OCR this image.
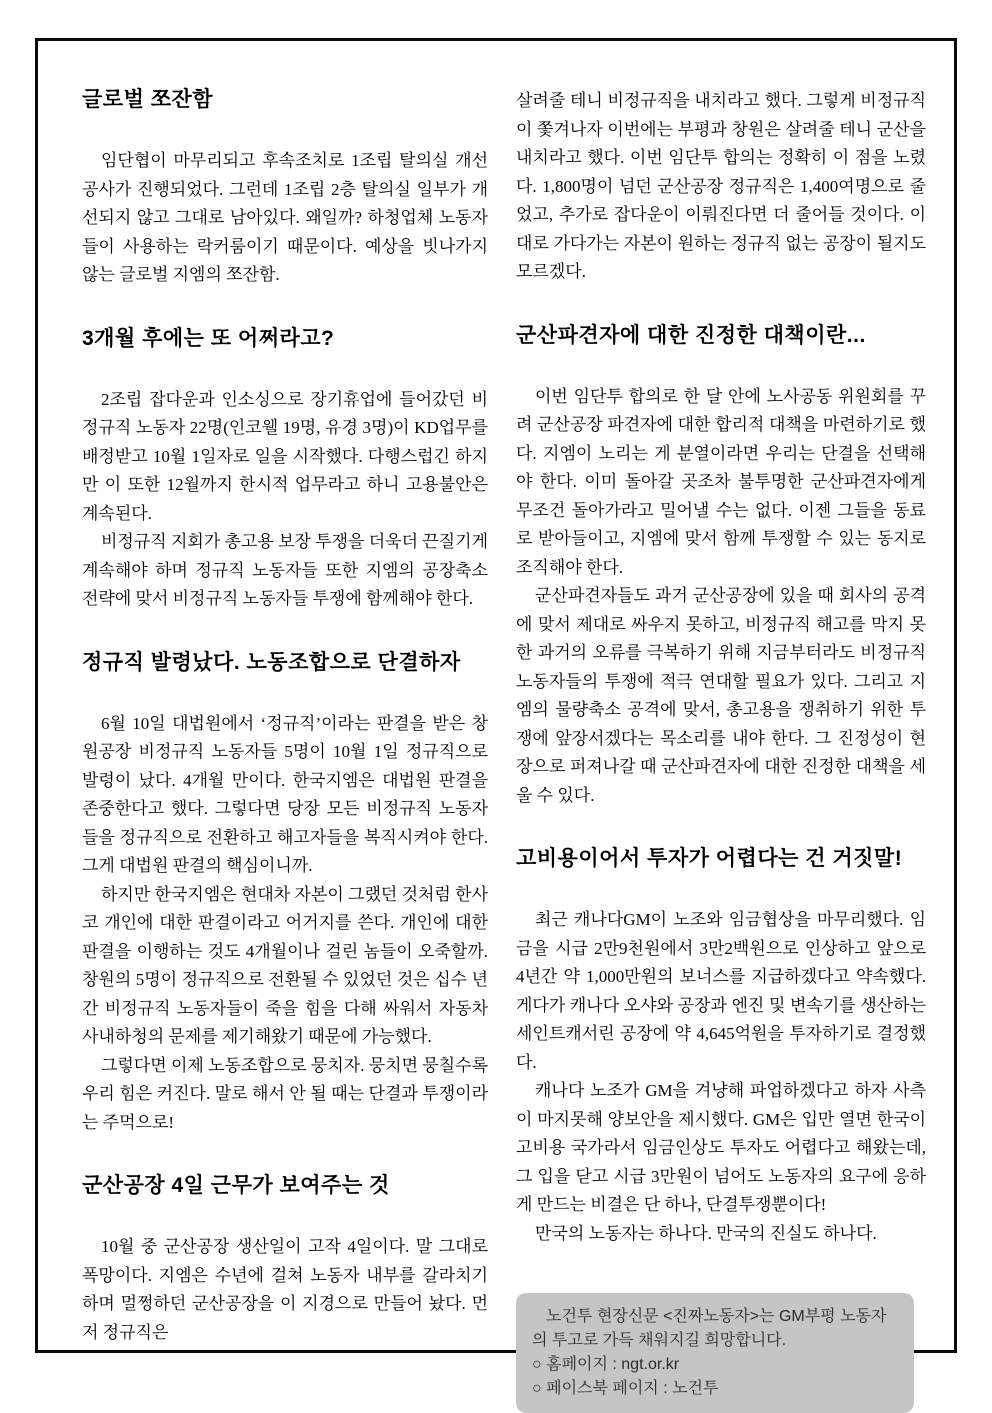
글로벌 쪼잔함

임단협이 마무리되고 후속조치로 1조립 탈의실 개선공사가 진행되었다. 그런데 1조립 2층 탈의실 일부가 개선되지 않고 그대로 남아있다. 왜일까? 하청업체 노동자들이 사용하는 락커룸이기 때문이다. 예상을 빗나가지 않는 글로벌 지엠의 쪼잔함.

3개월 후에는 또 어쩌라고?

2조립 잡다운과 인소싱으로 장기휴업에 들어갔던 비정규직 노동자 22명(인코웰 19명, 유경 3명)이 KD업무를 배정받고 10월 1일자로 일을 시작했다. 다행스럽긴 하지만 이 또한 12월까지 한시적 업무라고 하니 고용불안은 계속된다.

비정규직 지회가 총고용 보장 투쟁을 더욱더 끈질기게 계속해야 하며 정규직 노동자들 또한 지엠의 공장축소 전략에 맞서 비정규직 노동자들 투쟁에 함께해야 한다.

정규직 발령났다. 노동조합으로 단결하자

6월 10일 대법원에서 ‘정규직’이라는 판결을 받은 창원공장 비정규직 노동자들 5명이 10월 1일 정규직으로 발령이 났다. 4개월 만이다. 한국지엠은 대법원 판결을 존중한다고 했다. 그렇다면 당장 모든 비정규직 노동자들을 정규직으로 전환하고 해고자들을 복직시켜야 한다. 그게 대법원 판결의 핵심이니까.

하지만 한국지엠은 현대차 자본이 그랬던 것처럼 한사코 개인에 대한 판결이라고 어거지를 쓴다. 개인에 대한 판결을 이행하는 것도 4개월이나 걸린 놈들이 오죽할까. 창원의 5명이 정규직으로 전환될 수 있었던 것은 십수 년간 비정규직 노동자들이 죽을 힘을 다해 싸워서 자동차 사내하청의 문제를 제기해왔기 때문에 가능했다.

그렇다면 이제 노동조합으로 뭉치자. 뭉치면 뭉칠수록 우리 힘은 커진다. 말로 해서 안 될 때는 단결과 투쟁이라는 주먹으로!

군산공장 4일 근무가 보여주는 것

10월 중 군산공장 생산일이 고작 4일이다. 말 그대로 폭망이다. 지엠은 수년에 걸쳐 노동자 내부를 갈라치기하며 멀쩡하던 군산공장을 이 지경으로 만들어 놨다. 먼저 정규직은

살려줄 테니 비정규직을 내치라고 했다. 그렇게 비정규직이 쫓겨나자 이번에는 부평과 창원은 살려줄 테니 군산을 내치라고 했다. 이번 임단투 합의는 정확히 이 점을 노렸다. 1,800명이 넘던 군산공장 정규직은 1,400여명으로 줄었고, 추가로 잡다운이 이뤄진다면 더 줄어들 것이다. 이대로 가다가는 자본이 원하는 정규직 없는 공장이 될지도 모르겠다.

군산파견자에 대한 진정한 대책이란...

이번 임단투 합의로 한 달 안에 노사공동 위원회를 꾸려 군산공장 파견자에 대한 합리적 대책을 마련하기로 했다. 지엠이 노리는 게 분열이라면 우리는 단결을 선택해야 한다. 이미 돌아갈 곳조차 불투명한 군산파견자에게 무조건 돌아가라고 밀어낼 수는 없다. 이젠 그들을 동료로 받아들이고, 지엠에 맞서 함께 투쟁할 수 있는 동지로 조직해야 한다.

군산파견자들도 과거 군산공장에 있을 때 회사의 공격에 맞서 제대로 싸우지 못하고, 비정규직 해고를 막지 못한 과거의 오류를 극복하기 위해 지금부터라도 비정규직 노동자들의 투쟁에 적극 연대할 필요가 있다. 그리고 지엠의 물량축소 공격에 맞서, 총고용을 쟁취하기 위한 투쟁에 앞장서겠다는 목소리를 내야 한다. 그 진정성이 현장으로 퍼져나갈 때 군산파견자에 대한 진정한 대책을 세울 수 있다.

고비용이어서 투자가 어렵다는 건 거짓말!

최근 캐나다GM이 노조와 임금협상을 마무리했다. 임금을 시급 2만9천원에서 3만2백원으로 인상하고 앞으로 4년간 약 1,000만원의 보너스를 지급하겠다고 약속했다. 게다가 캐나다 오샤와 공장과 엔진 및 변속기를 생산하는 세인트캐서린 공장에 약 4,645억원을 투자하기로 결정했다.

캐나다 노조가 GM을 겨냥해 파업하겠다고 하자 사측이 마지못해 양보안을 제시했다. GM은 입만 열면 한국이 고비용 국가라서 임금인상도 투자도 어렵다고 해왔는데, 그 입을 닫고 시급 3만원이 넘어도 노동자의 요구에 응하게 만드는 비결은 단 하나, 단결투쟁뿐이다!

만국의 노동자는 하나다. 만국의 진실도 하나다.

노건투 현장신문 <진짜노동자>는 GM부평 노동자의 투고로 가득 채워지길 희망합니다.

○ 홈페이지 : ngt.or.kr
○ 페이스북 페이지 : 노건투
